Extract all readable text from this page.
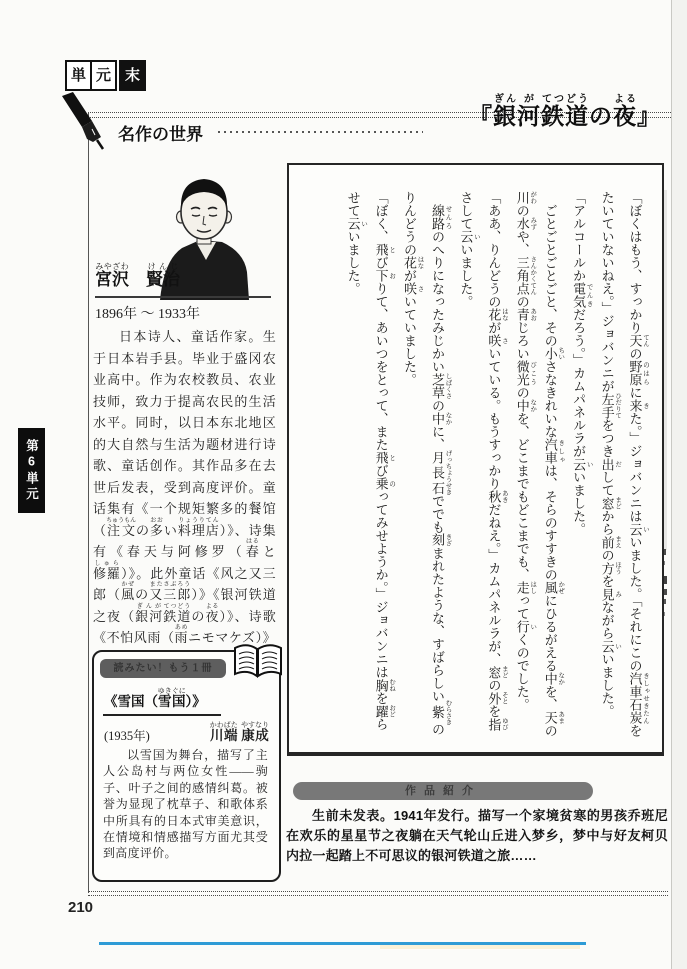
単 元 末
名作の世界
『銀ぎん河が鉄道てつどうの夜よる』
宮沢みやざわ　賢治けんじ
1896年 ～ 1933年
日本诗人、童话作家。生于日本岩手县。毕业于盛冈农业高中。作为农校教员、农业技师，致力于提高农民的生活水平。同时，以日本东北地区的大自然与生活为题材进行诗歌、童话创作。其作品多在去世后发表，受到高度评价。童话集有《一个规矩繁多的餐馆（注文ちゅうもんの多おおい料理店りょうりてん）》、诗集有《春天与阿修罗（春はると修羅しゅら）》。此外童话《风之又三郎（風かぜの又三郎またさぶろう）》《银河铁道之夜（銀河ぎんが鉄道てつどうの夜よる）》、诗歌《不怕风雨（雨あめニモマケズ）》
読みたい！もう１冊
《雪国（雪国ゆきぐに）》
(1935年)	川端かわばた 康成やすなり
以雪国为舞台，描写了主人公岛村与两位女性——驹子、叶子之间的感情纠葛。被誉为显现了枕草子、和歌体系中所具有的日本式审美意识，在情境和情感描写方面尤其受到高度评价。

「ぼくはもう、すっかり天 てんの野原 のはらに来 きた。」ジョバンニは云 いいました。「それにこの汽車石炭 きしゃせきたんをたいていないねえ。」ジョバンニが左手 ひだりてをつき出 だして窓 まどから前 まえの方 ほうを見 みながら云 いいました。

「アルコールか電気 でんきだろう。」カムパネルラが云 いいました。

ごとごとごとごと、その小 ちいさなきれいな汽車 きしゃは、そらのすすきの風 かぜにひるがえる中 なかを、天 あまの川 がわの水 みずや、三角点 さんかくてんの青 あおじろい微光 びこうの中 なかを、どこまでもどこまでも、走 はしって行 いくのでした。

「ああ、りんどうの花 はなが咲 さいている。もうすっかり秋 あきだねえ。」カムパネルラが、窓 まどの外 そとを指 ゆびさして云 いいました。

線路 せんろのへりになったみじかい芝草 しばくさの中 なかに、月長石 げっちょうせきででも刻 きざまれたような、すばらしい紫 むらさきのりんどうの花 はなが咲 さいていました。

「ぼく、飛 とび下 おりて、あいつをとって、また飛 とび乗 のってみせようか。」ジョバンニは胸 むねを躍 おどらせて云 いいました。

作品紹介
生前未发表。1941年发行。描写一个家境贫寒的男孩乔班尼在欢乐的星星节之夜躺在天气轮山丘进入梦乡，梦中与好友柯贝内拉一起踏上不可思议的银河铁道之旅……
第6単元
210
